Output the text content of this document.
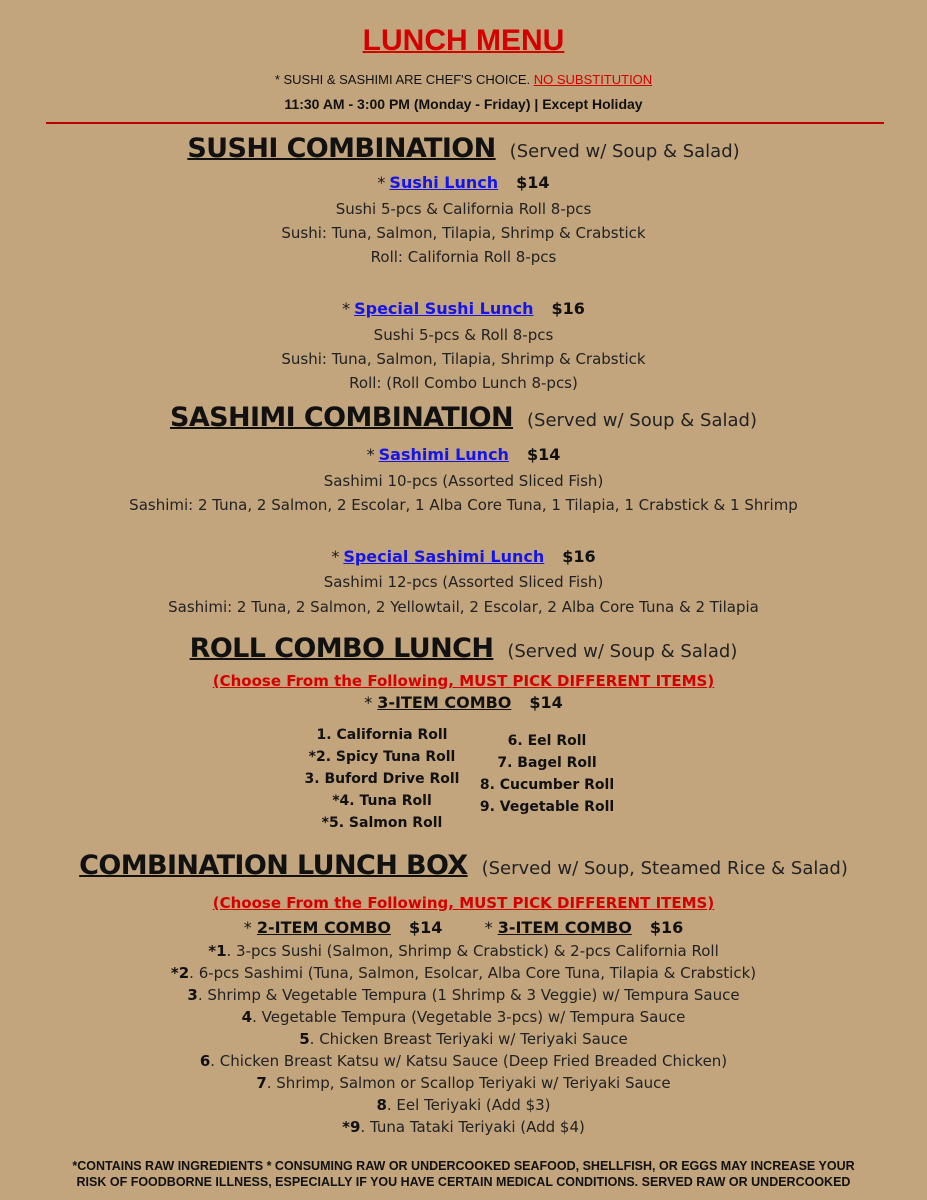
LUNCH MENU
* SUSHI & SASHIMI ARE CHEF'S CHOICE. NO SUBSTITUTION
11:30 AM - 3:00 PM (Monday - Friday) | Except Holiday
SUSHI COMBINATION (Served w/ Soup & Salad)
* Sushi Lunch $14
Sushi 5-pcs & California Roll 8-pcs
Sushi: Tuna, Salmon, Tilapia, Shrimp & Crabstick
Roll: California Roll 8-pcs
* Special Sushi Lunch $16
Sushi 5-pcs & Roll 8-pcs
Sushi: Tuna, Salmon, Tilapia, Shrimp & Crabstick
Roll: (Roll Combo Lunch 8-pcs)
SASHIMI COMBINATION (Served w/ Soup & Salad)
* Sashimi Lunch $14
Sashimi 10-pcs (Assorted Sliced Fish)
Sashimi: 2 Tuna, 2 Salmon, 2 Escolar, 1 Alba Core Tuna, 1 Tilapia, 1 Crabstick & 1 Shrimp
* Special Sashimi Lunch $16
Sashimi 12-pcs (Assorted Sliced Fish)
Sashimi: 2 Tuna, 2 Salmon, 2 Yellowtail, 2 Escolar, 2 Alba Core Tuna & 2 Tilapia
ROLL COMBO LUNCH (Served w/ Soup & Salad)
(Choose From the Following, MUST PICK DIFFERENT ITEMS)
* 3-ITEM COMBO $14
1. California Roll
*2. Spicy Tuna Roll
3. Buford Drive Roll
*4. Tuna Roll
*5. Salmon Roll
6. Eel Roll
7. Bagel Roll
8. Cucumber Roll
9. Vegetable Roll
COMBINATION LUNCH BOX (Served w/ Soup, Steamed Rice & Salad)
(Choose From the Following, MUST PICK DIFFERENT ITEMS)
* 2-ITEM COMBO $14	* 3-ITEM COMBO $16
*1. 3-pcs Sushi (Salmon, Shrimp & Crabstick) & 2-pcs California Roll
*2. 6-pcs Sashimi (Tuna, Salmon, Esolcar, Alba Core Tuna, Tilapia & Crabstick)
3. Shrimp & Vegetable Tempura (1 Shrimp & 3 Veggie) w/ Tempura Sauce
4. Vegetable Tempura (Vegetable 3-pcs) w/ Tempura Sauce
5. Chicken Breast Teriyaki w/ Teriyaki Sauce
6. Chicken Breast Katsu w/ Katsu Sauce (Deep Fried Breaded Chicken)
7. Shrimp, Salmon or Scallop Teriyaki w/ Teriyaki Sauce
8. Eel Teriyaki (Add $3)
*9. Tuna Tataki Teriyaki (Add $4)
*CONTAINS RAW INGREDIENTS * CONSUMING RAW OR UNDERCOOKED SEAFOOD, SHELLFISH, OR EGGS MAY INCREASE YOUR
RISK OF FOODBORNE ILLNESS, ESPECIALLY IF YOU HAVE CERTAIN MEDICAL CONDITIONS. SERVED RAW OR UNDERCOOKED
